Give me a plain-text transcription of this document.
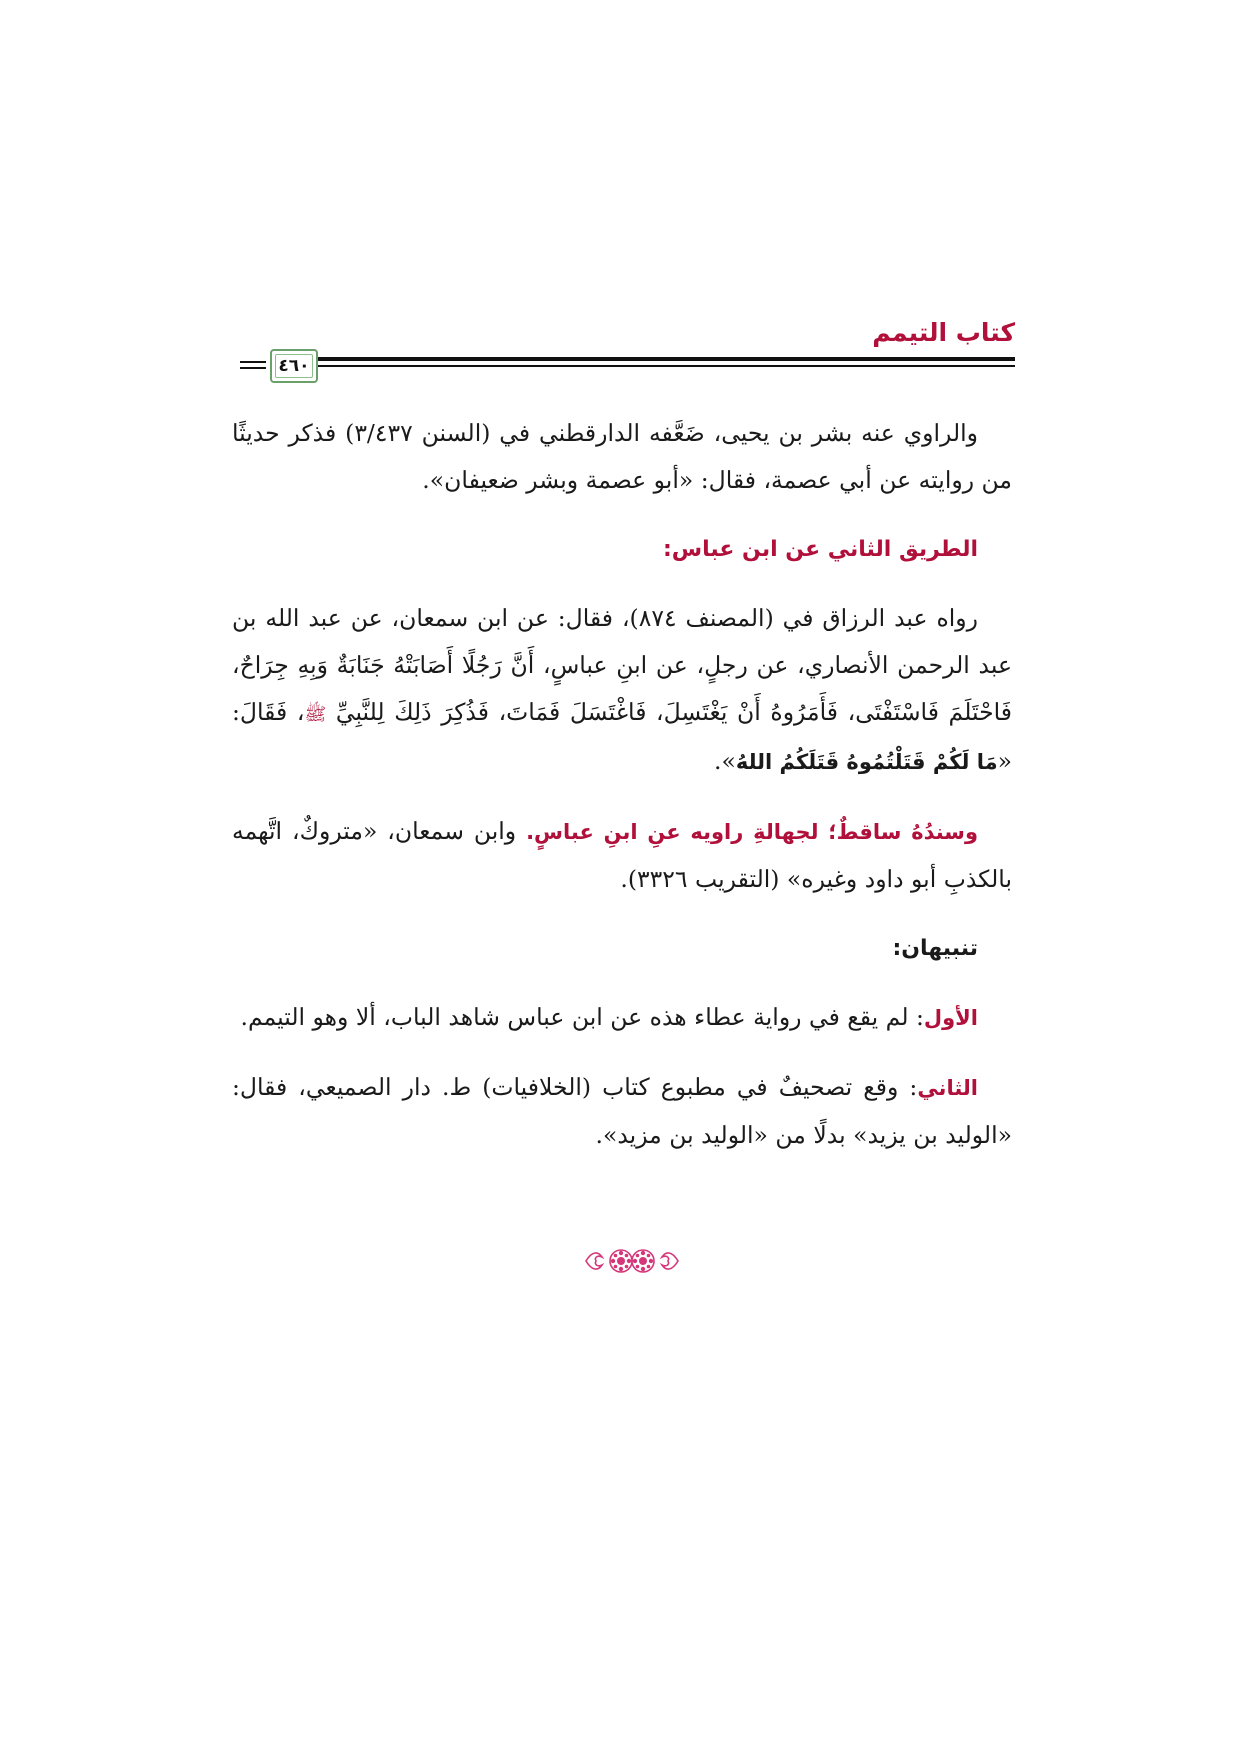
كتاب التيمم
٤٦٠

والراوي عنه بشر بن يحيى، ضَعَّفه الدارقطني في (السنن ٣/٤٣٧) فذكر حديثًا من روايته عن أبي عصمة، فقال: «أبو عصمة وبشر ضعيفان».

الطريق الثاني عن ابن عباس:

رواه عبد الرزاق في (المصنف ٨٧٤)، فقال: عن ابن سمعان، عن عبد الله بن عبد الرحمن الأنصاري، عن رجلٍ، عن ابنِ عباسٍ، أَنَّ رَجُلًا أَصَابَتْهُ جَنَابَةٌ وَبِهِ جِرَاحٌ، فَاحْتَلَمَ فَاسْتَفْتَى، فَأَمَرُوهُ أَنْ يَغْتَسِلَ، فَاغْتَسَلَ فَمَاتَ، فَذُكِرَ ذَلِكَ لِلنَّبِيِّ ﷺ، فَقَالَ: «مَا لَكُمْ قَتَلْتُمُوهُ قَتَلَكُمُ اللهُ».

وسندُهُ ساقطٌ؛ لجهالةِ راويه عنِ ابنِ عباسٍ. وابن سمعان، «متروكٌ، اتَّهمه بالكذبِ أبو داود وغيره» (التقريب ٣٣٢٦).

تنبيهان:

الأول: لم يقع في رواية عطاء هذه عن ابن عباس شاهد الباب، ألا وهو التيمم.

الثاني: وقع تصحيفٌ في مطبوع كتاب (الخلافيات) ط. دار الصميعي، فقال: «الوليد بن يزيد» بدلًا من «الوليد بن مزيد».
